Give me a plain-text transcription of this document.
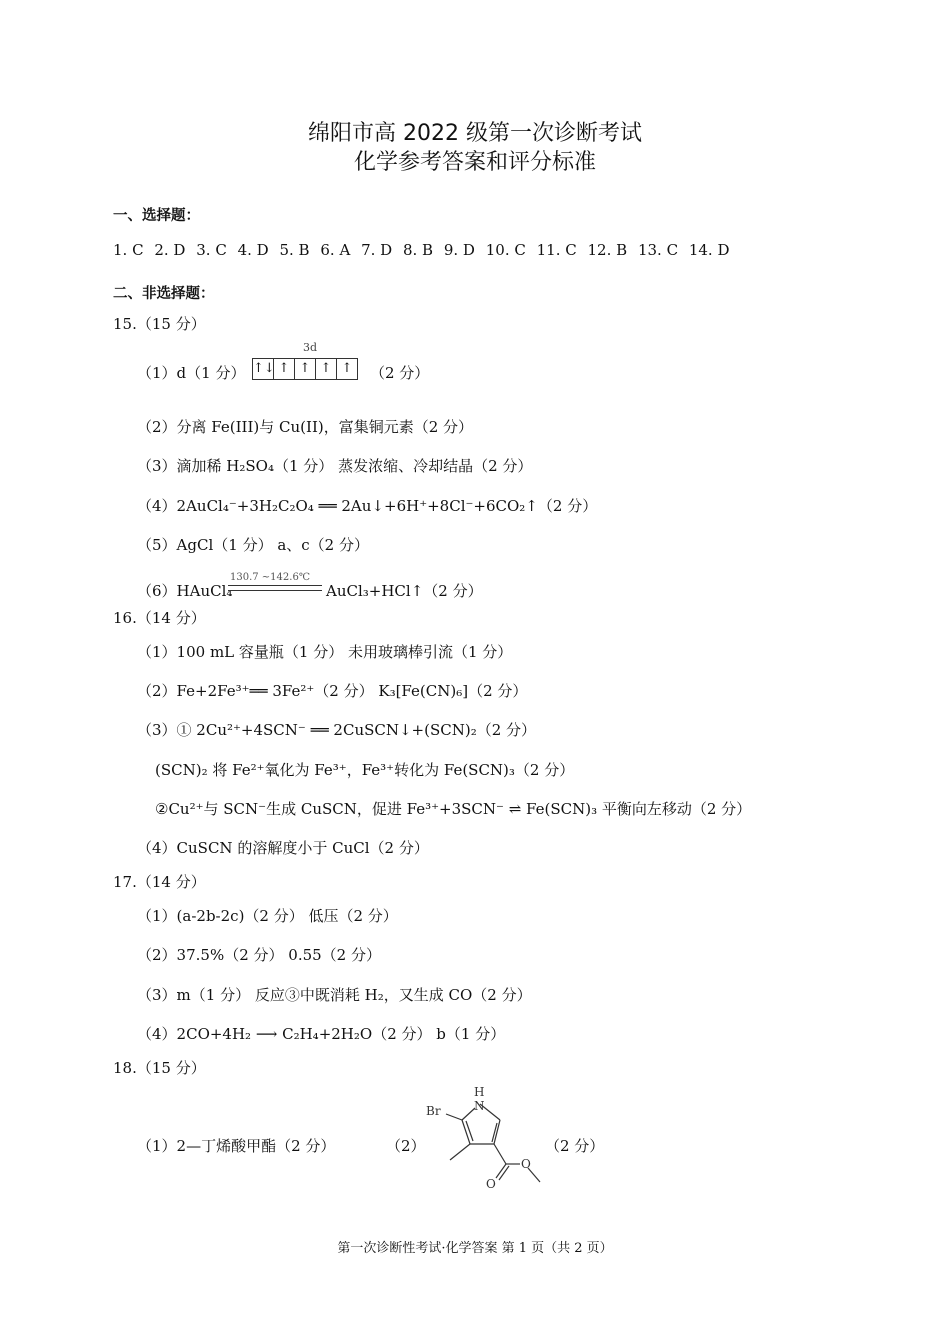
绵阳市高 2022 级第一次诊断考试
化学参考答案和评分标准
一、选择题：
1. C 2. D 3. C 4. D 5. B 6. A 7. D 8. B 9. D 10. C 11. C 12. B 13. C 14. D
二、非选择题：
15.（15 分）
（1）d（1 分）
3d
↑↓ ↑ ↑ ↑ ↑	（2 分）
（2）分离 Fe(III)与 Cu(II)，富集铜元素（2 分）
（3）滴加稀 H₂SO₄（1 分） 蒸发浓缩、冷却结晶（2 分）
（4）2AuCl₄⁻+3H₂C₂O₄ ══ 2Au↓+6H⁺+8Cl⁻+6CO₂↑（2 分）
（5）AgCl（1 分） a、c（2 分）
（6）HAuCl₄
130.7 ~142.6℃
AuCl₃+HCl↑（2 分）
16.（14 分）
（1）100 mL 容量瓶（1 分） 未用玻璃棒引流（1 分）
（2）Fe+2Fe³⁺══ 3Fe²⁺（2 分） K₃[Fe(CN)₆]（2 分）
（3）① 2Cu²⁺+4SCN⁻ ══ 2CuSCN↓+(SCN)₂（2 分）
(SCN)₂ 将 Fe²⁺氧化为 Fe³⁺，Fe³⁺转化为 Fe(SCN)₃（2 分）
②Cu²⁺与 SCN⁻生成 CuSCN，促进 Fe³⁺+3SCN⁻ ⇌ Fe(SCN)₃ 平衡向左移动（2 分）
（4）CuSCN 的溶解度小于 CuCl（2 分）
17.（14 分）
（1）(a-2b-2c)（2 分） 低压（2 分）
（2）37.5%（2 分） 0.55（2 分）
（3）m（1 分） 反应③中既消耗 H₂，又生成 CO（2 分）
（4）2CO+4H₂ ⟶ C₂H₄+2H₂O（2 分） b（1 分）
18.（15 分）
（1）2—丁烯酸甲酯（2 分）	（2）
H
N
Br
O
O
（2 分）
第一次诊断性考试·化学答案 第 1 页（共 2 页）
